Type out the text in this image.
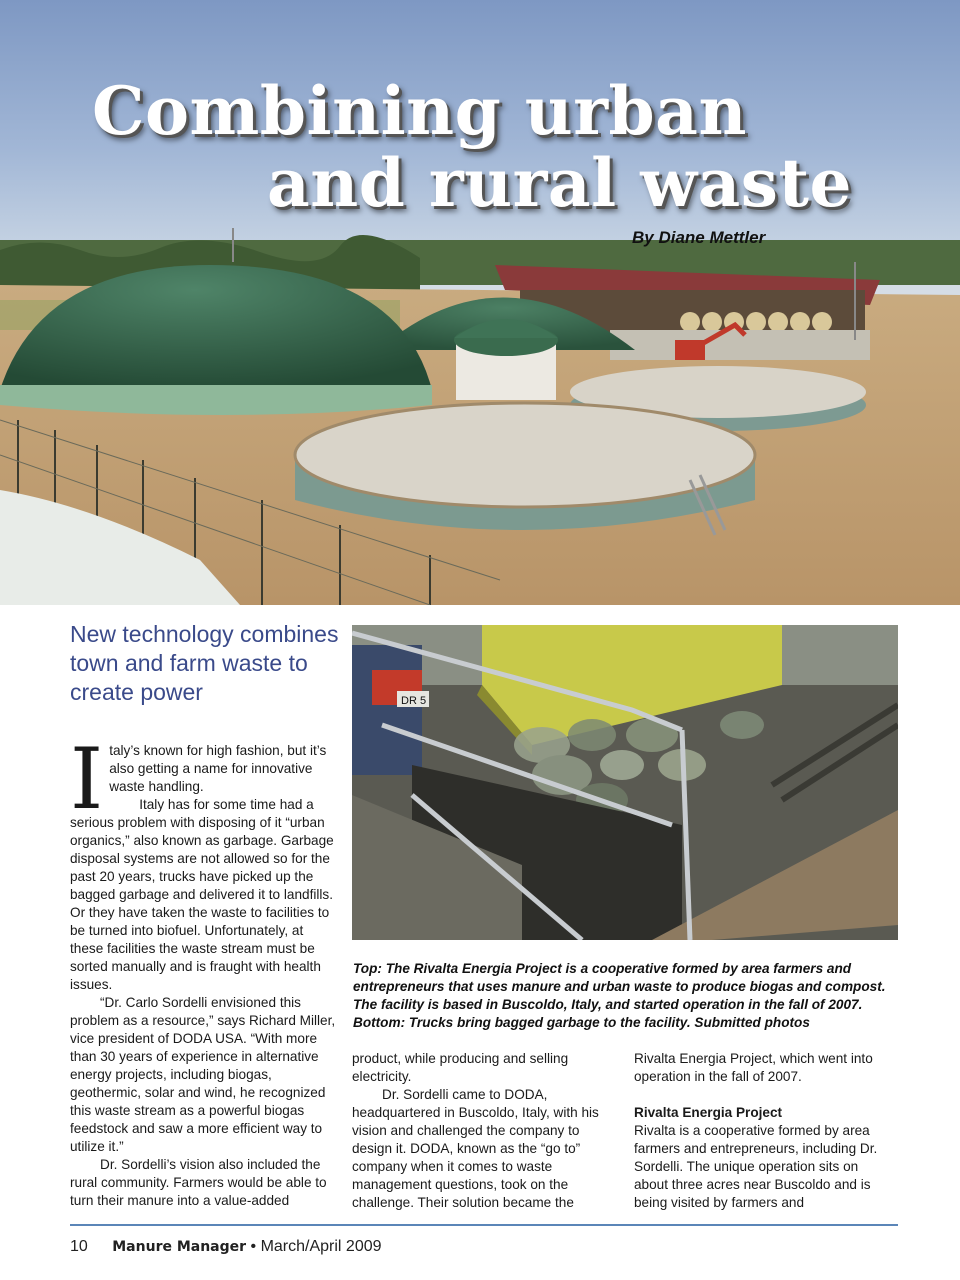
Combining urban
and rural waste
By Diane Mettler
New technology combines town and farm waste to create power	DR 5

Top: The Rivalta Energia Project is a cooperative formed by area farmers and entrepreneurs that uses manure and urban waste to produce biogas and compost. The facility is based in Buscoldo, Italy, and started operation in the fall of 2007. Bottom: Trucks bring bagged garbage to the facility. Submitted photos

Italy’s known for high fashion, but it’s also getting a name for innovative waste handling.

Italy has for some time had a serious problem with disposing of it “urban organics,” also known as garbage. Garbage disposal systems are not allowed so for the past 20 years, trucks have picked up the bagged garbage and delivered it to landfills. Or they have taken the waste to facilities to be turned into biofuel. Unfortunately, at these facilities the waste stream must be sorted manually and is fraught with health issues.

“Dr. Carlo Sordelli envisioned this problem as a resource,” says Richard Miller, vice president of DODA USA. “With more than 30 years of experience in alternative energy projects, including biogas, geothermic, solar and wind, he recognized this waste stream as a powerful biogas feedstock and saw a more efficient way to utilize it.”

Dr. Sordelli’s vision also included the rural community. Farmers would be able to turn their manure into a value-added

product, while producing and selling electricity.

Dr. Sordelli came to DODA, headquartered in Buscoldo, Italy, with his vision and challenged the company to design it. DODA, known as the “go to” company when it comes to waste management questions, took on the challenge. Their solution became the

Rivalta Energia Project, which went into operation in the fall of 2007.

Rivalta Energia Project

Rivalta is a cooperative formed by area farmers and entrepreneurs, including Dr. Sordelli. The unique operation sits on about three acres near Buscoldo and is being visited by farmers and

10 Manure Manager • March/April 2009
